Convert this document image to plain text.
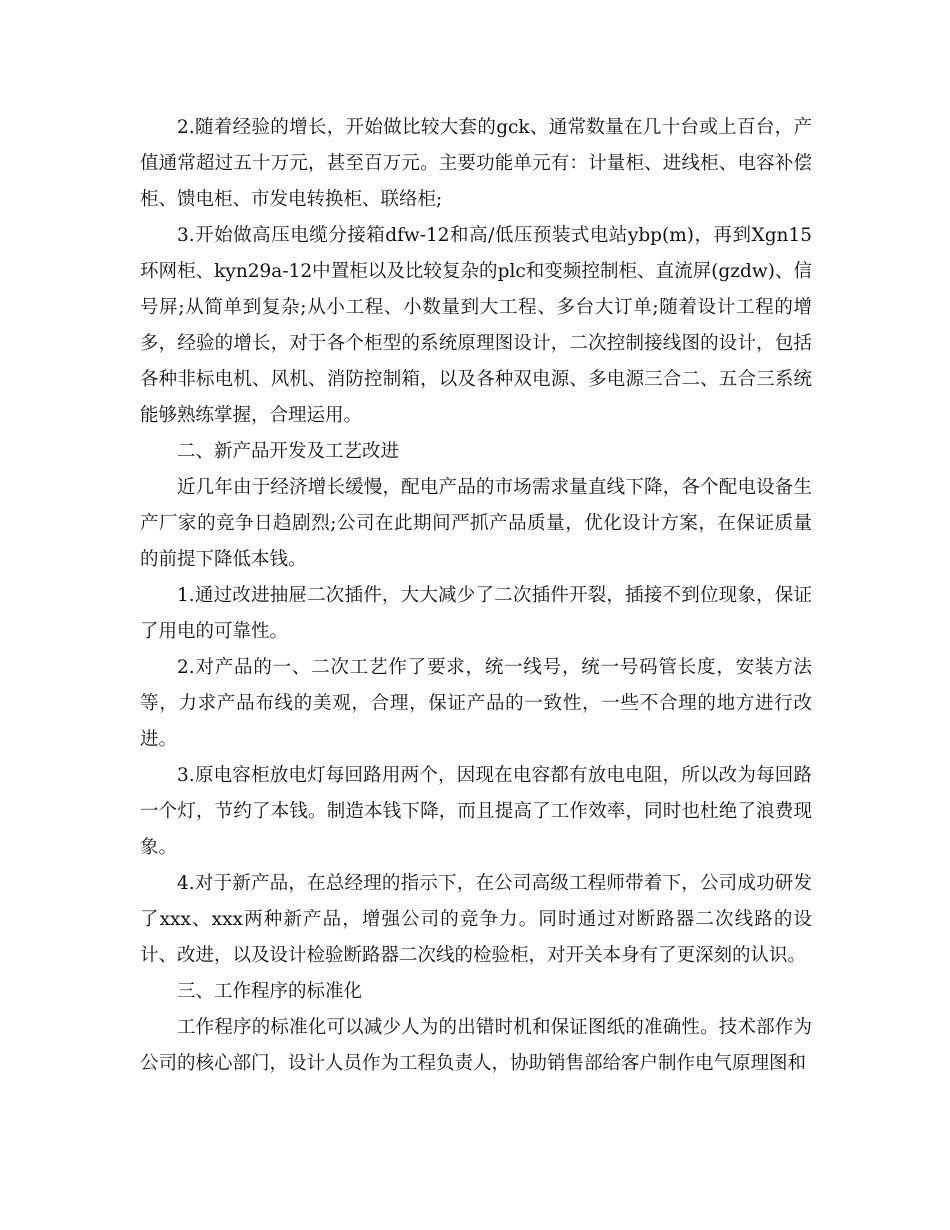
2.随着经验的增长，开始做比较大套的gck、通常数量在几十台或上百台，产值通常超过五十万元，甚至百万元。主要功能单元有：计量柜、进线柜、电容补偿柜、馈电柜、市发电转换柜、联络柜;

3.开始做高压电缆分接箱dfw-12和高/低压预装式电站ybp(m)，再到Xgn15环网柜、kyn29a-12中置柜以及比较复杂的plc和变频控制柜、直流屏(gzdw)、信号屏;从简单到复杂;从小工程、小数量到大工程、多台大订单;随着设计工程的增多，经验的增长，对于各个柜型的系统原理图设计，二次控制接线图的设计，包括各种非标电机、风机、消防控制箱，以及各种双电源、多电源三合二、五合三系统能够熟练掌握，合理运用。

二、新产品开发及工艺改进

近几年由于经济增长缓慢，配电产品的市场需求量直线下降，各个配电设备生产厂家的竞争日趋剧烈;公司在此期间严抓产品质量，优化设计方案，在保证质量的前提下降低本钱。

1.通过改进抽屉二次插件，大大减少了二次插件开裂，插接不到位现象，保证了用电的可靠性。

2.对产品的一、二次工艺作了要求，统一线号，统一号码管长度，安装方法等，力求产品布线的美观，合理，保证产品的一致性，一些不合理的地方进行改进。

3.原电容柜放电灯每回路用两个，因现在电容都有放电电阻，所以改为每回路一个灯，节约了本钱。制造本钱下降，而且提高了工作效率，同时也杜绝了浪费现象。

4.对于新产品，在总经理的指示下，在公司高级工程师带着下，公司成功研发了xxx、xxx两种新产品，增强公司的竞争力。同时通过对断路器二次线路的设计、改进，以及设计检验断路器二次线的检验柜，对开关本身有了更深刻的认识。

三、工作程序的标准化

工作程序的标准化可以减少人为的出错时机和保证图纸的准确性。技术部作为公司的核心部门，设计人员作为工程负责人，协助销售部给客户制作电气原理图和
